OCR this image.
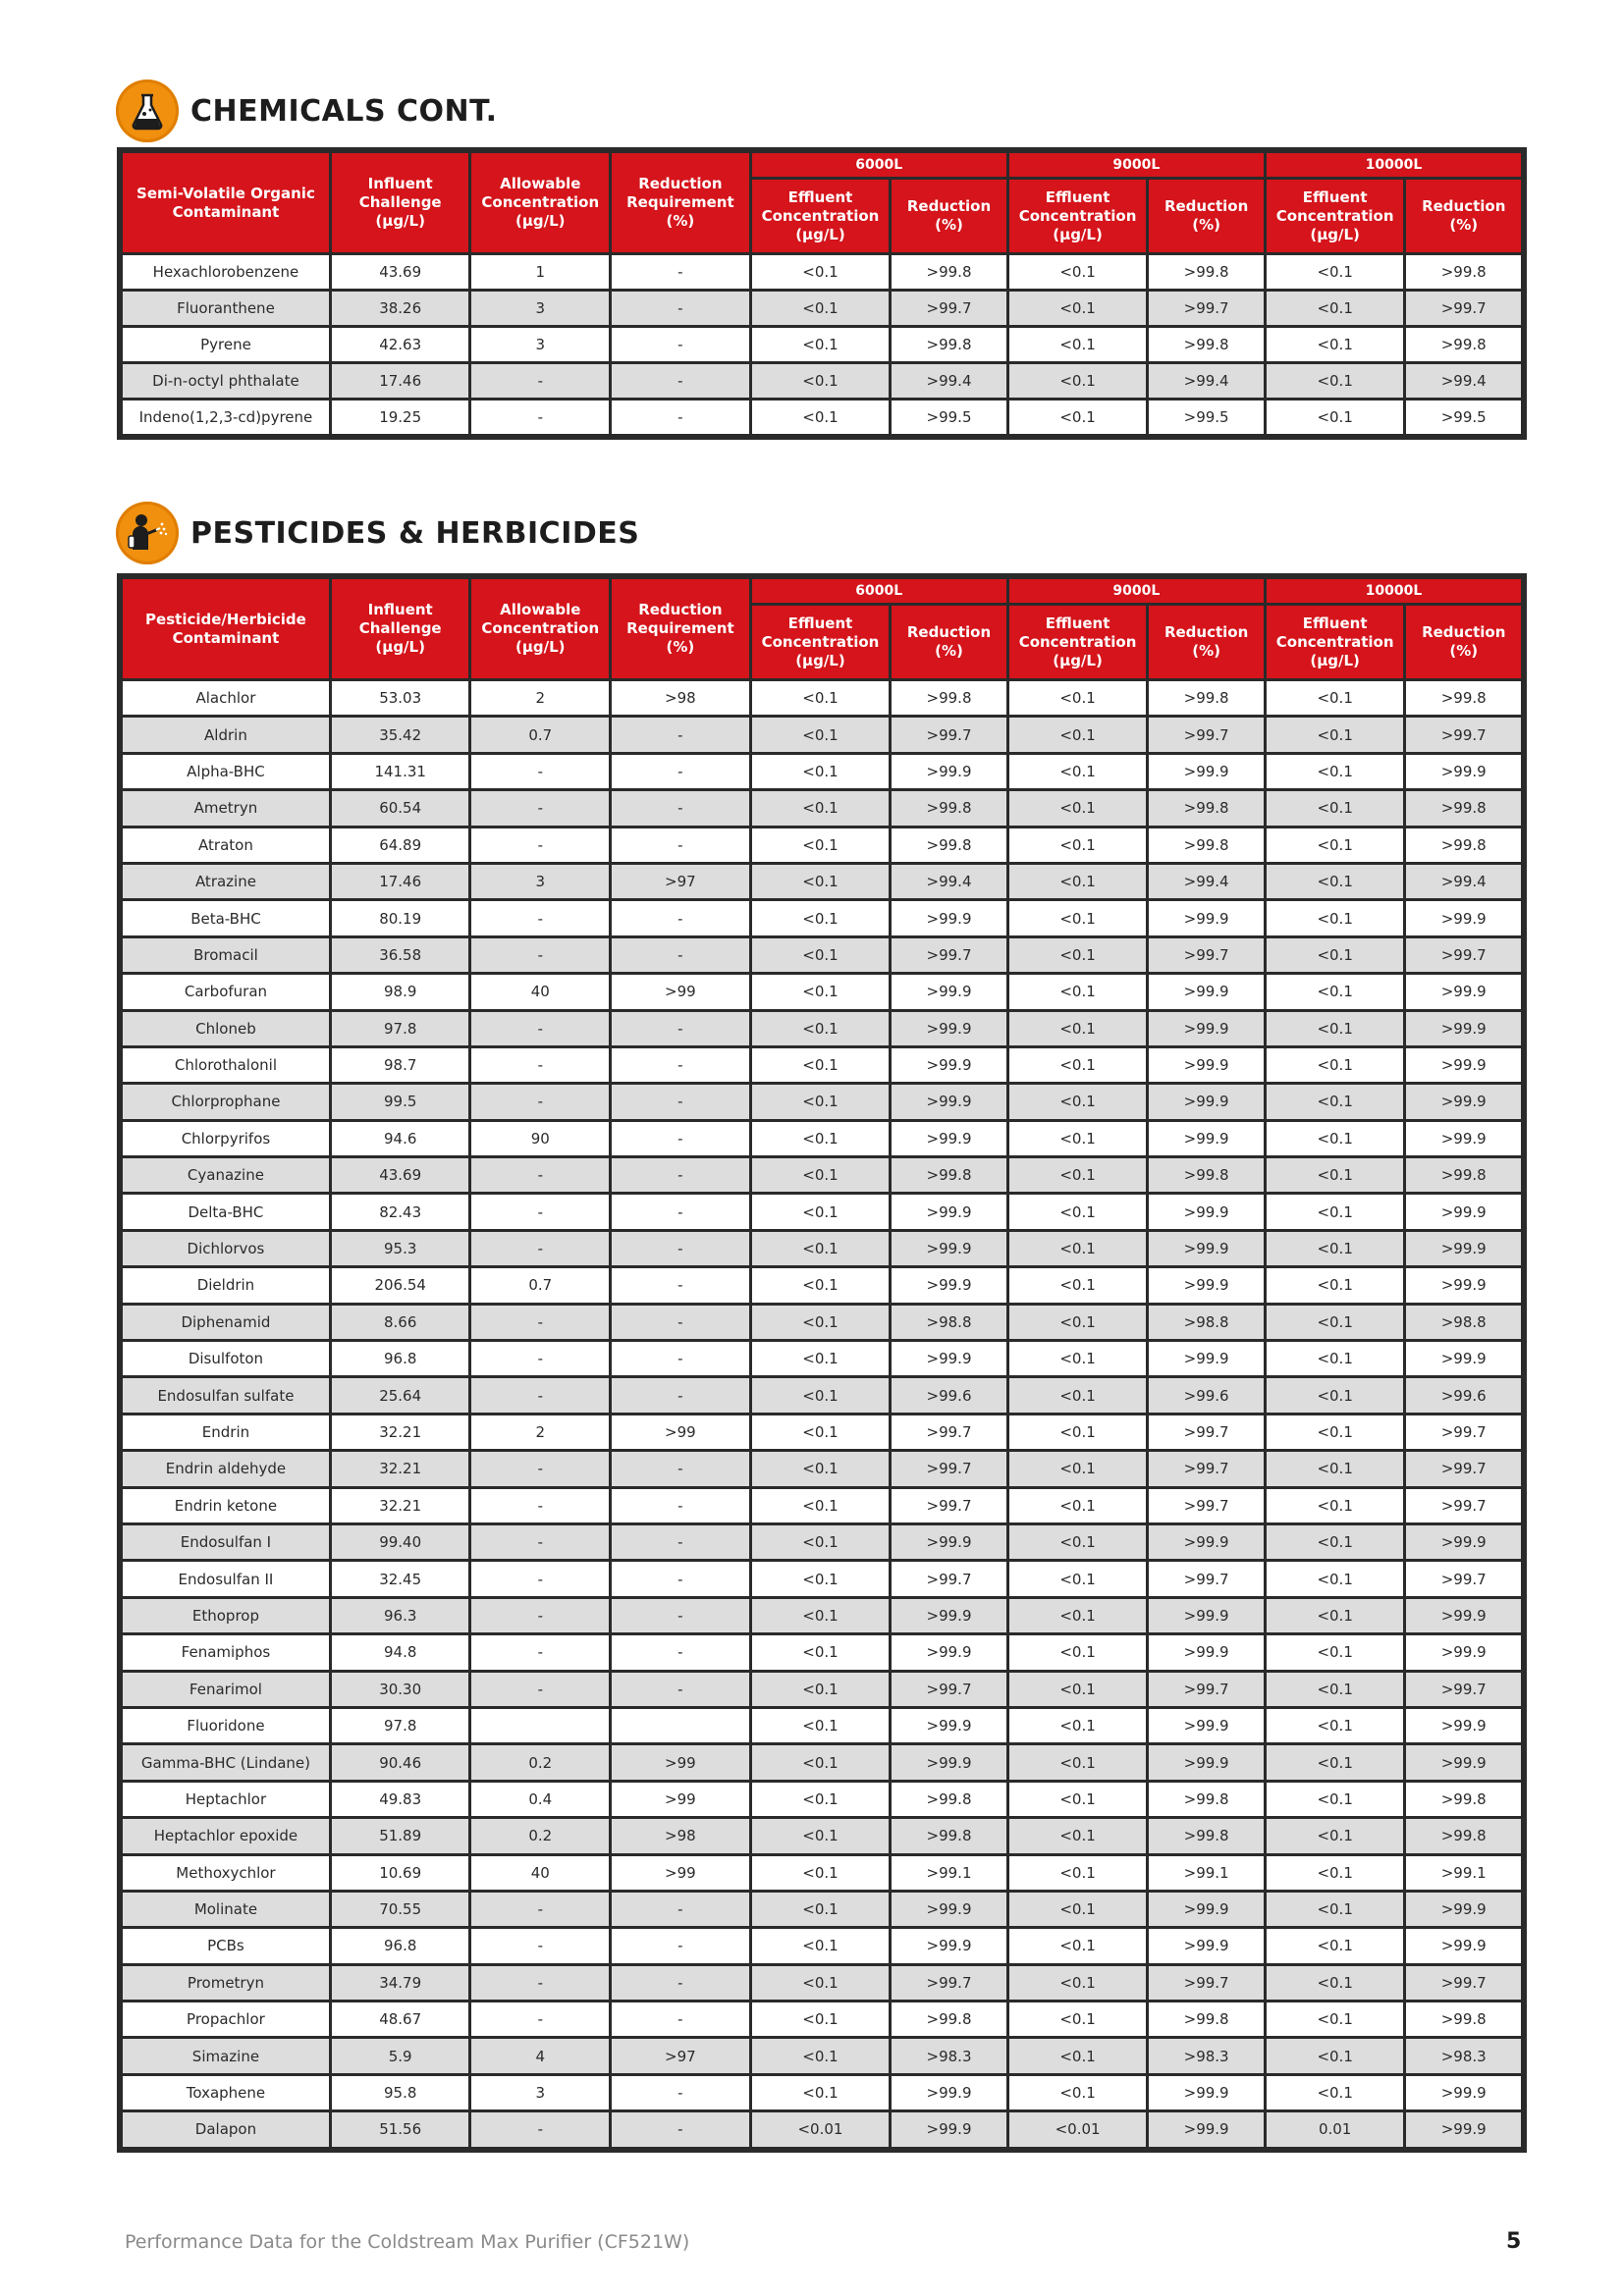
CHEMICALS CONT.
Semi-Volatile Organic Contaminant	Influent Challenge (µg/L)	Allowable Concentration (µg/L)	Reduction Requirement (%)	6000L		9000L		10000L	
				Effluent Concentration (µg/L)	Reduction (%)	Effluent Concentration (µg/L)	Reduction (%)	Effluent Concentration (µg/L)	Reduction (%)
Hexachlorobenzene	43.69	1	-	<0.1	>99.8	<0.1	>99.8	<0.1	>99.8
Fluoranthene	38.26	3	-	<0.1	>99.7	<0.1	>99.7	<0.1	>99.7
Pyrene	42.63	3	-	<0.1	>99.8	<0.1	>99.8	<0.1	>99.8
Di-n-octyl phthalate	17.46	-	-	<0.1	>99.4	<0.1	>99.4	<0.1	>99.4
Indeno(1,2,3-cd)pyrene	19.25	-	-	<0.1	>99.5	<0.1	>99.5	<0.1	>99.5
PESTICIDES & HERBICIDES
Pesticide/Herbicide Contaminant	Influent Challenge (µg/L)	Allowable Concentration (µg/L)	Reduction Requirement (%)	6000L		9000L		10000L	
				Effluent Concentration (µg/L)	Reduction (%)	Effluent Concentration (µg/L)	Reduction (%)	Effluent Concentration (µg/L)	Reduction (%)
Alachlor	53.03	2	>98	<0.1	>99.8	<0.1	>99.8	<0.1	>99.8
Aldrin	35.42	0.7	-	<0.1	>99.7	<0.1	>99.7	<0.1	>99.7
Alpha-BHC	141.31	-	-	<0.1	>99.9	<0.1	>99.9	<0.1	>99.9
Ametryn	60.54	-	-	<0.1	>99.8	<0.1	>99.8	<0.1	>99.8
Atraton	64.89	-	-	<0.1	>99.8	<0.1	>99.8	<0.1	>99.8
Atrazine	17.46	3	>97	<0.1	>99.4	<0.1	>99.4	<0.1	>99.4
Beta-BHC	80.19	-	-	<0.1	>99.9	<0.1	>99.9	<0.1	>99.9
Bromacil	36.58	-	-	<0.1	>99.7	<0.1	>99.7	<0.1	>99.7
Carbofuran	98.9	40	>99	<0.1	>99.9	<0.1	>99.9	<0.1	>99.9
Chloneb	97.8	-	-	<0.1	>99.9	<0.1	>99.9	<0.1	>99.9
Chlorothalonil	98.7	-	-	<0.1	>99.9	<0.1	>99.9	<0.1	>99.9
Chlorprophane	99.5	-	-	<0.1	>99.9	<0.1	>99.9	<0.1	>99.9
Chlorpyrifos	94.6	90	-	<0.1	>99.9	<0.1	>99.9	<0.1	>99.9
Cyanazine	43.69	-	-	<0.1	>99.8	<0.1	>99.8	<0.1	>99.8
Delta-BHC	82.43	-	-	<0.1	>99.9	<0.1	>99.9	<0.1	>99.9
Dichlorvos	95.3	-	-	<0.1	>99.9	<0.1	>99.9	<0.1	>99.9
Dieldrin	206.54	0.7	-	<0.1	>99.9	<0.1	>99.9	<0.1	>99.9
Diphenamid	8.66	-	-	<0.1	>98.8	<0.1	>98.8	<0.1	>98.8
Disulfoton	96.8	-	-	<0.1	>99.9	<0.1	>99.9	<0.1	>99.9
Endosulfan sulfate	25.64	-	-	<0.1	>99.6	<0.1	>99.6	<0.1	>99.6
Endrin	32.21	2	>99	<0.1	>99.7	<0.1	>99.7	<0.1	>99.7
Endrin aldehyde	32.21	-	-	<0.1	>99.7	<0.1	>99.7	<0.1	>99.7
Endrin ketone	32.21	-	-	<0.1	>99.7	<0.1	>99.7	<0.1	>99.7
Endosulfan I	99.40	-	-	<0.1	>99.9	<0.1	>99.9	<0.1	>99.9
Endosulfan II	32.45	-	-	<0.1	>99.7	<0.1	>99.7	<0.1	>99.7
Ethoprop	96.3	-	-	<0.1	>99.9	<0.1	>99.9	<0.1	>99.9
Fenamiphos	94.8	-	-	<0.1	>99.9	<0.1	>99.9	<0.1	>99.9
Fenarimol	30.30	-	-	<0.1	>99.7	<0.1	>99.7	<0.1	>99.7
Fluoridone	97.8			<0.1	>99.9	<0.1	>99.9	<0.1	>99.9
Gamma-BHC (Lindane)	90.46	0.2	>99	<0.1	>99.9	<0.1	>99.9	<0.1	>99.9
Heptachlor	49.83	0.4	>99	<0.1	>99.8	<0.1	>99.8	<0.1	>99.8
Heptachlor epoxide	51.89	0.2	>98	<0.1	>99.8	<0.1	>99.8	<0.1	>99.8
Methoxychlor	10.69	40	>99	<0.1	>99.1	<0.1	>99.1	<0.1	>99.1
Molinate	70.55	-	-	<0.1	>99.9	<0.1	>99.9	<0.1	>99.9
PCBs	96.8	-	-	<0.1	>99.9	<0.1	>99.9	<0.1	>99.9
Prometryn	34.79	-	-	<0.1	>99.7	<0.1	>99.7	<0.1	>99.7
Propachlor	48.67	-	-	<0.1	>99.8	<0.1	>99.8	<0.1	>99.8
Simazine	5.9	4	>97	<0.1	>98.3	<0.1	>98.3	<0.1	>98.3
Toxaphene	95.8	3	-	<0.1	>99.9	<0.1	>99.9	<0.1	>99.9
Dalapon	51.56	-	-	<0.01	>99.9	<0.01	>99.9	0.01	>99.9
Performance Data for the Coldstream Max Purifier (CF521W)	5
